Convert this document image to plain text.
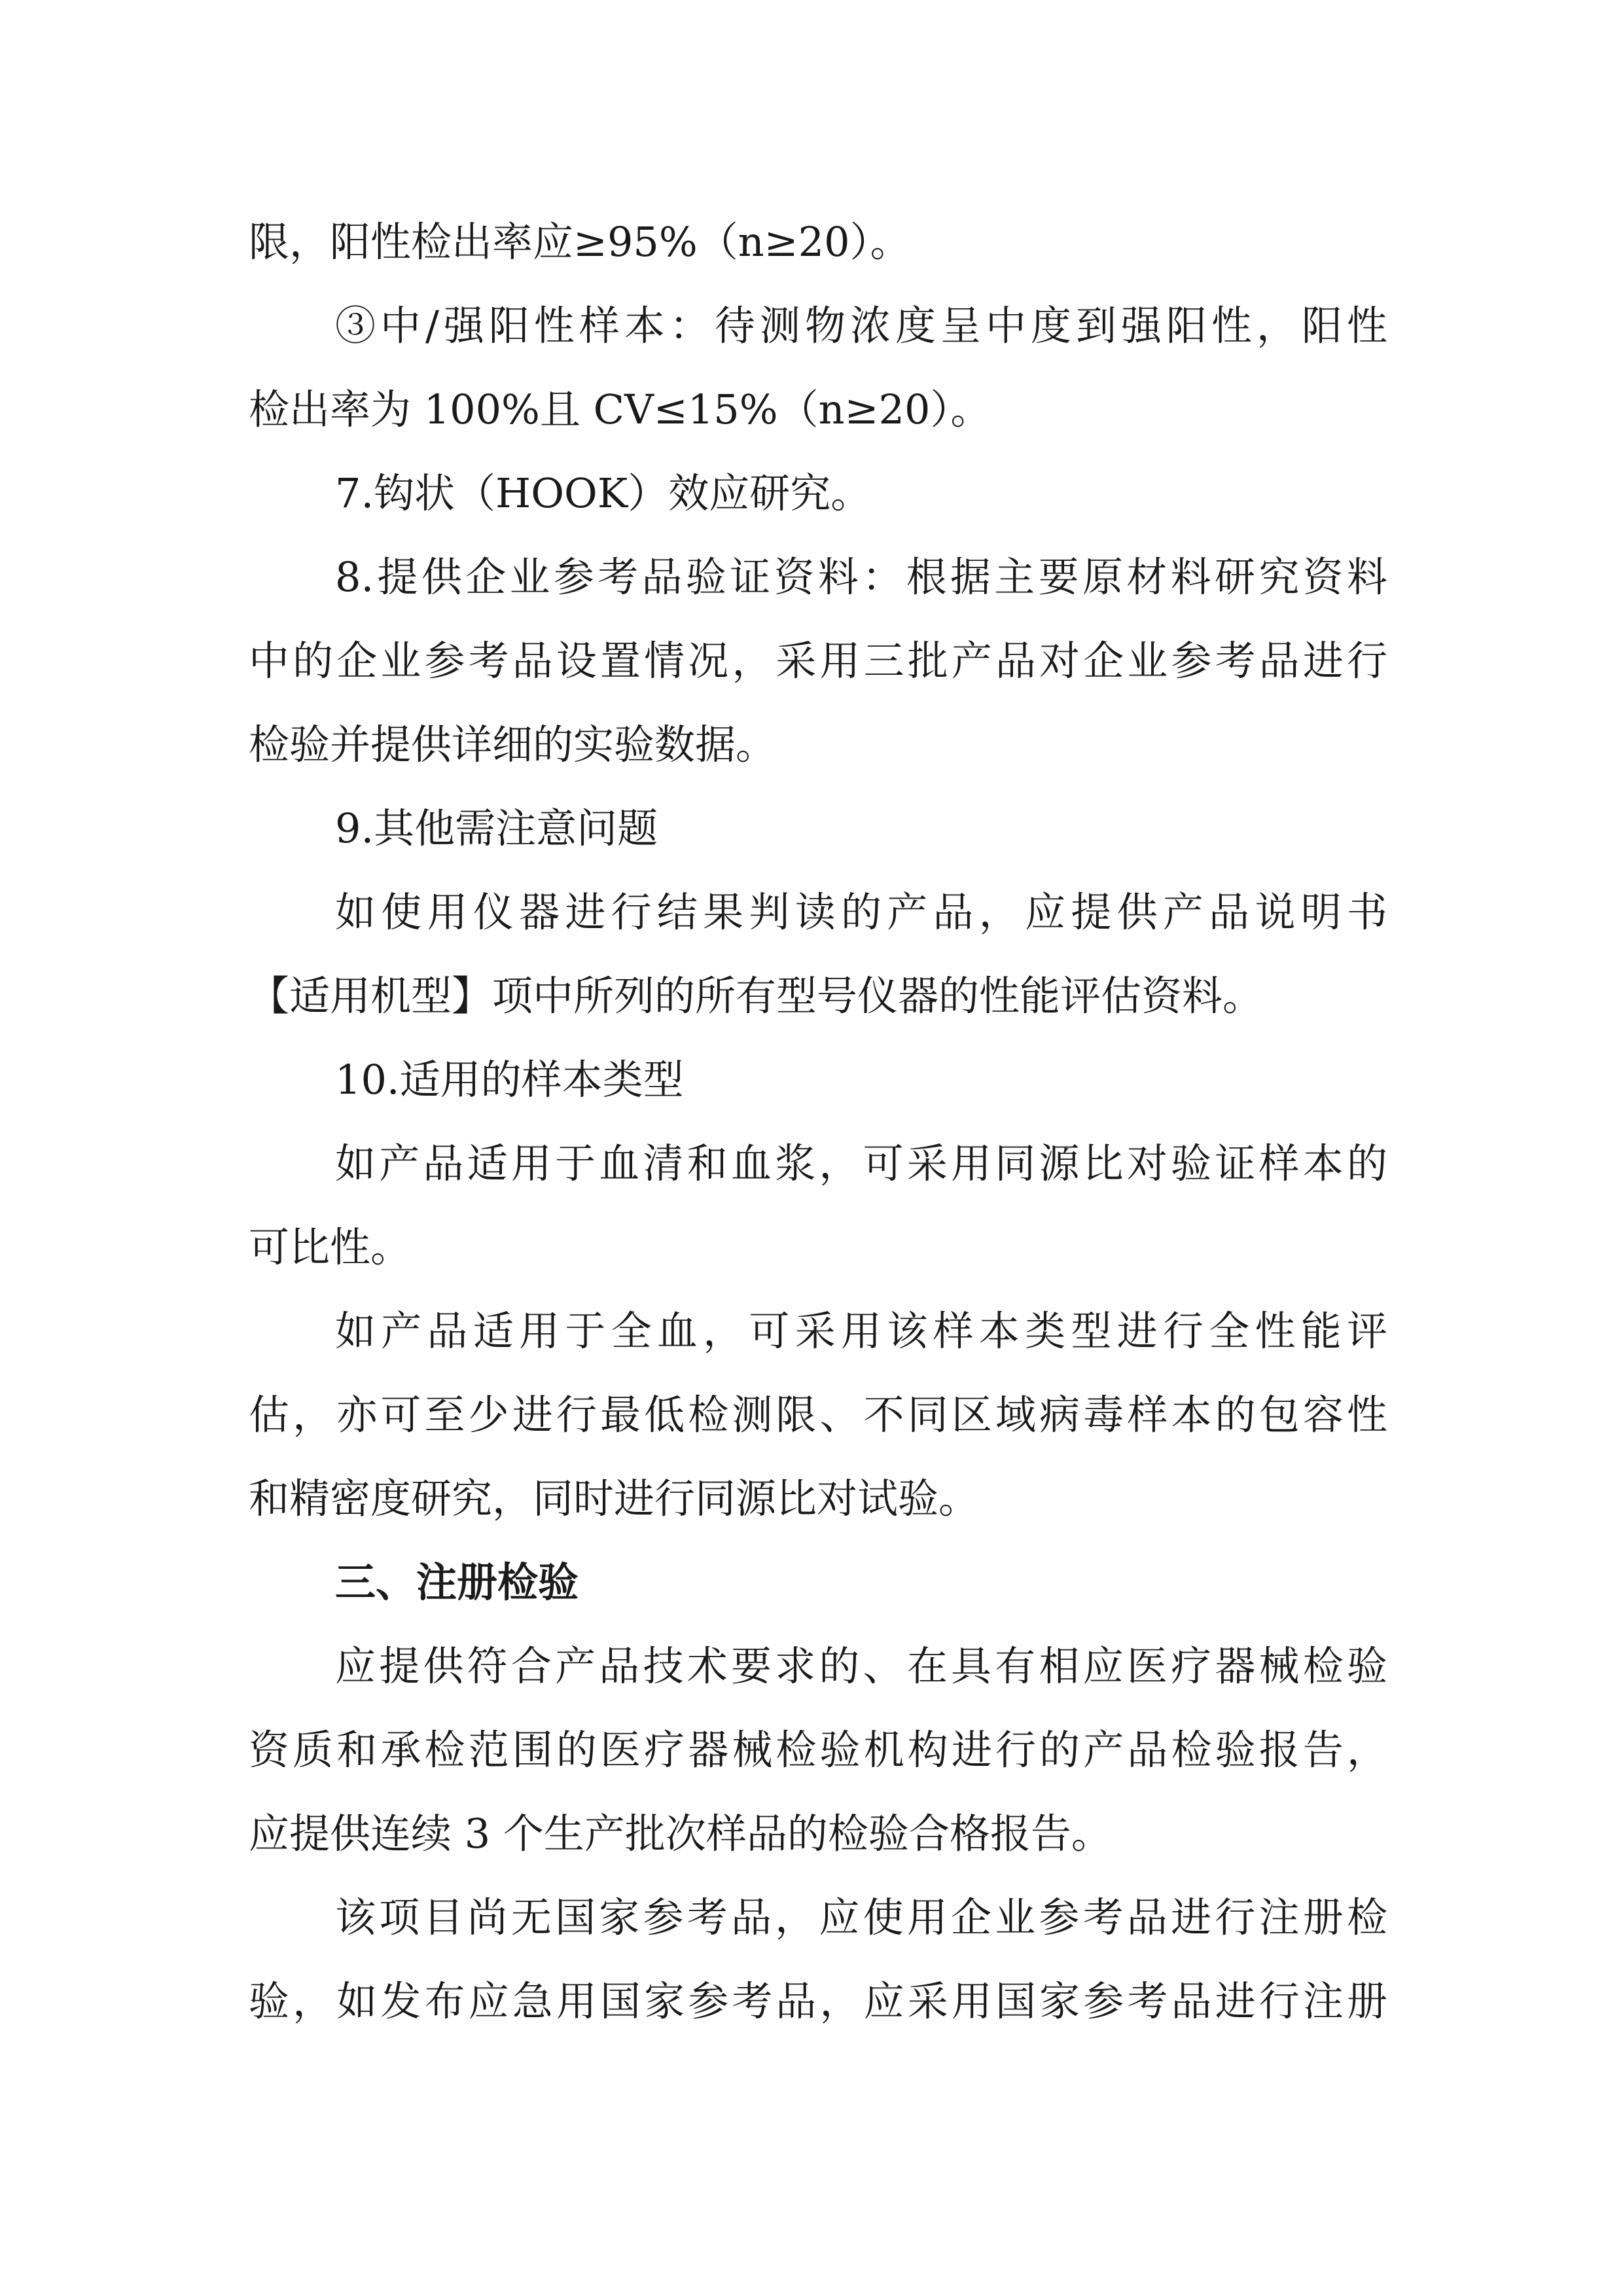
限，阳性检出率应≥95%（n≥20）。
③中/强阳性样本：待测物浓度呈中度到强阳性，阳性
检出率为 100%且 CV≤15%（n≥20）。
7.钩状（HOOK）效应研究。
8.提供企业参考品验证资料：根据主要原材料研究资料
中的企业参考品设置情况，采用三批产品对企业参考品进行
检验并提供详细的实验数据。
9.其他需注意问题
如使用仪器进行结果判读的产品，应提供产品说明书
【适用机型】项中所列的所有型号仪器的性能评估资料。
10.适用的样本类型
如产品适用于血清和血浆，可采用同源比对验证样本的
可比性。
如产品适用于全血，可采用该样本类型进行全性能评
估，亦可至少进行最低检测限、不同区域病毒样本的包容性
和精密度研究，同时进行同源比对试验。
三、注册检验
应提供符合产品技术要求的、在具有相应医疗器械检验
资质和承检范围的医疗器械检验机构进行的产品检验报告，
应提供连续 3 个生产批次样品的检验合格报告。
该项目尚无国家参考品，应使用企业参考品进行注册检
验，如发布应急用国家参考品，应采用国家参考品进行注册
